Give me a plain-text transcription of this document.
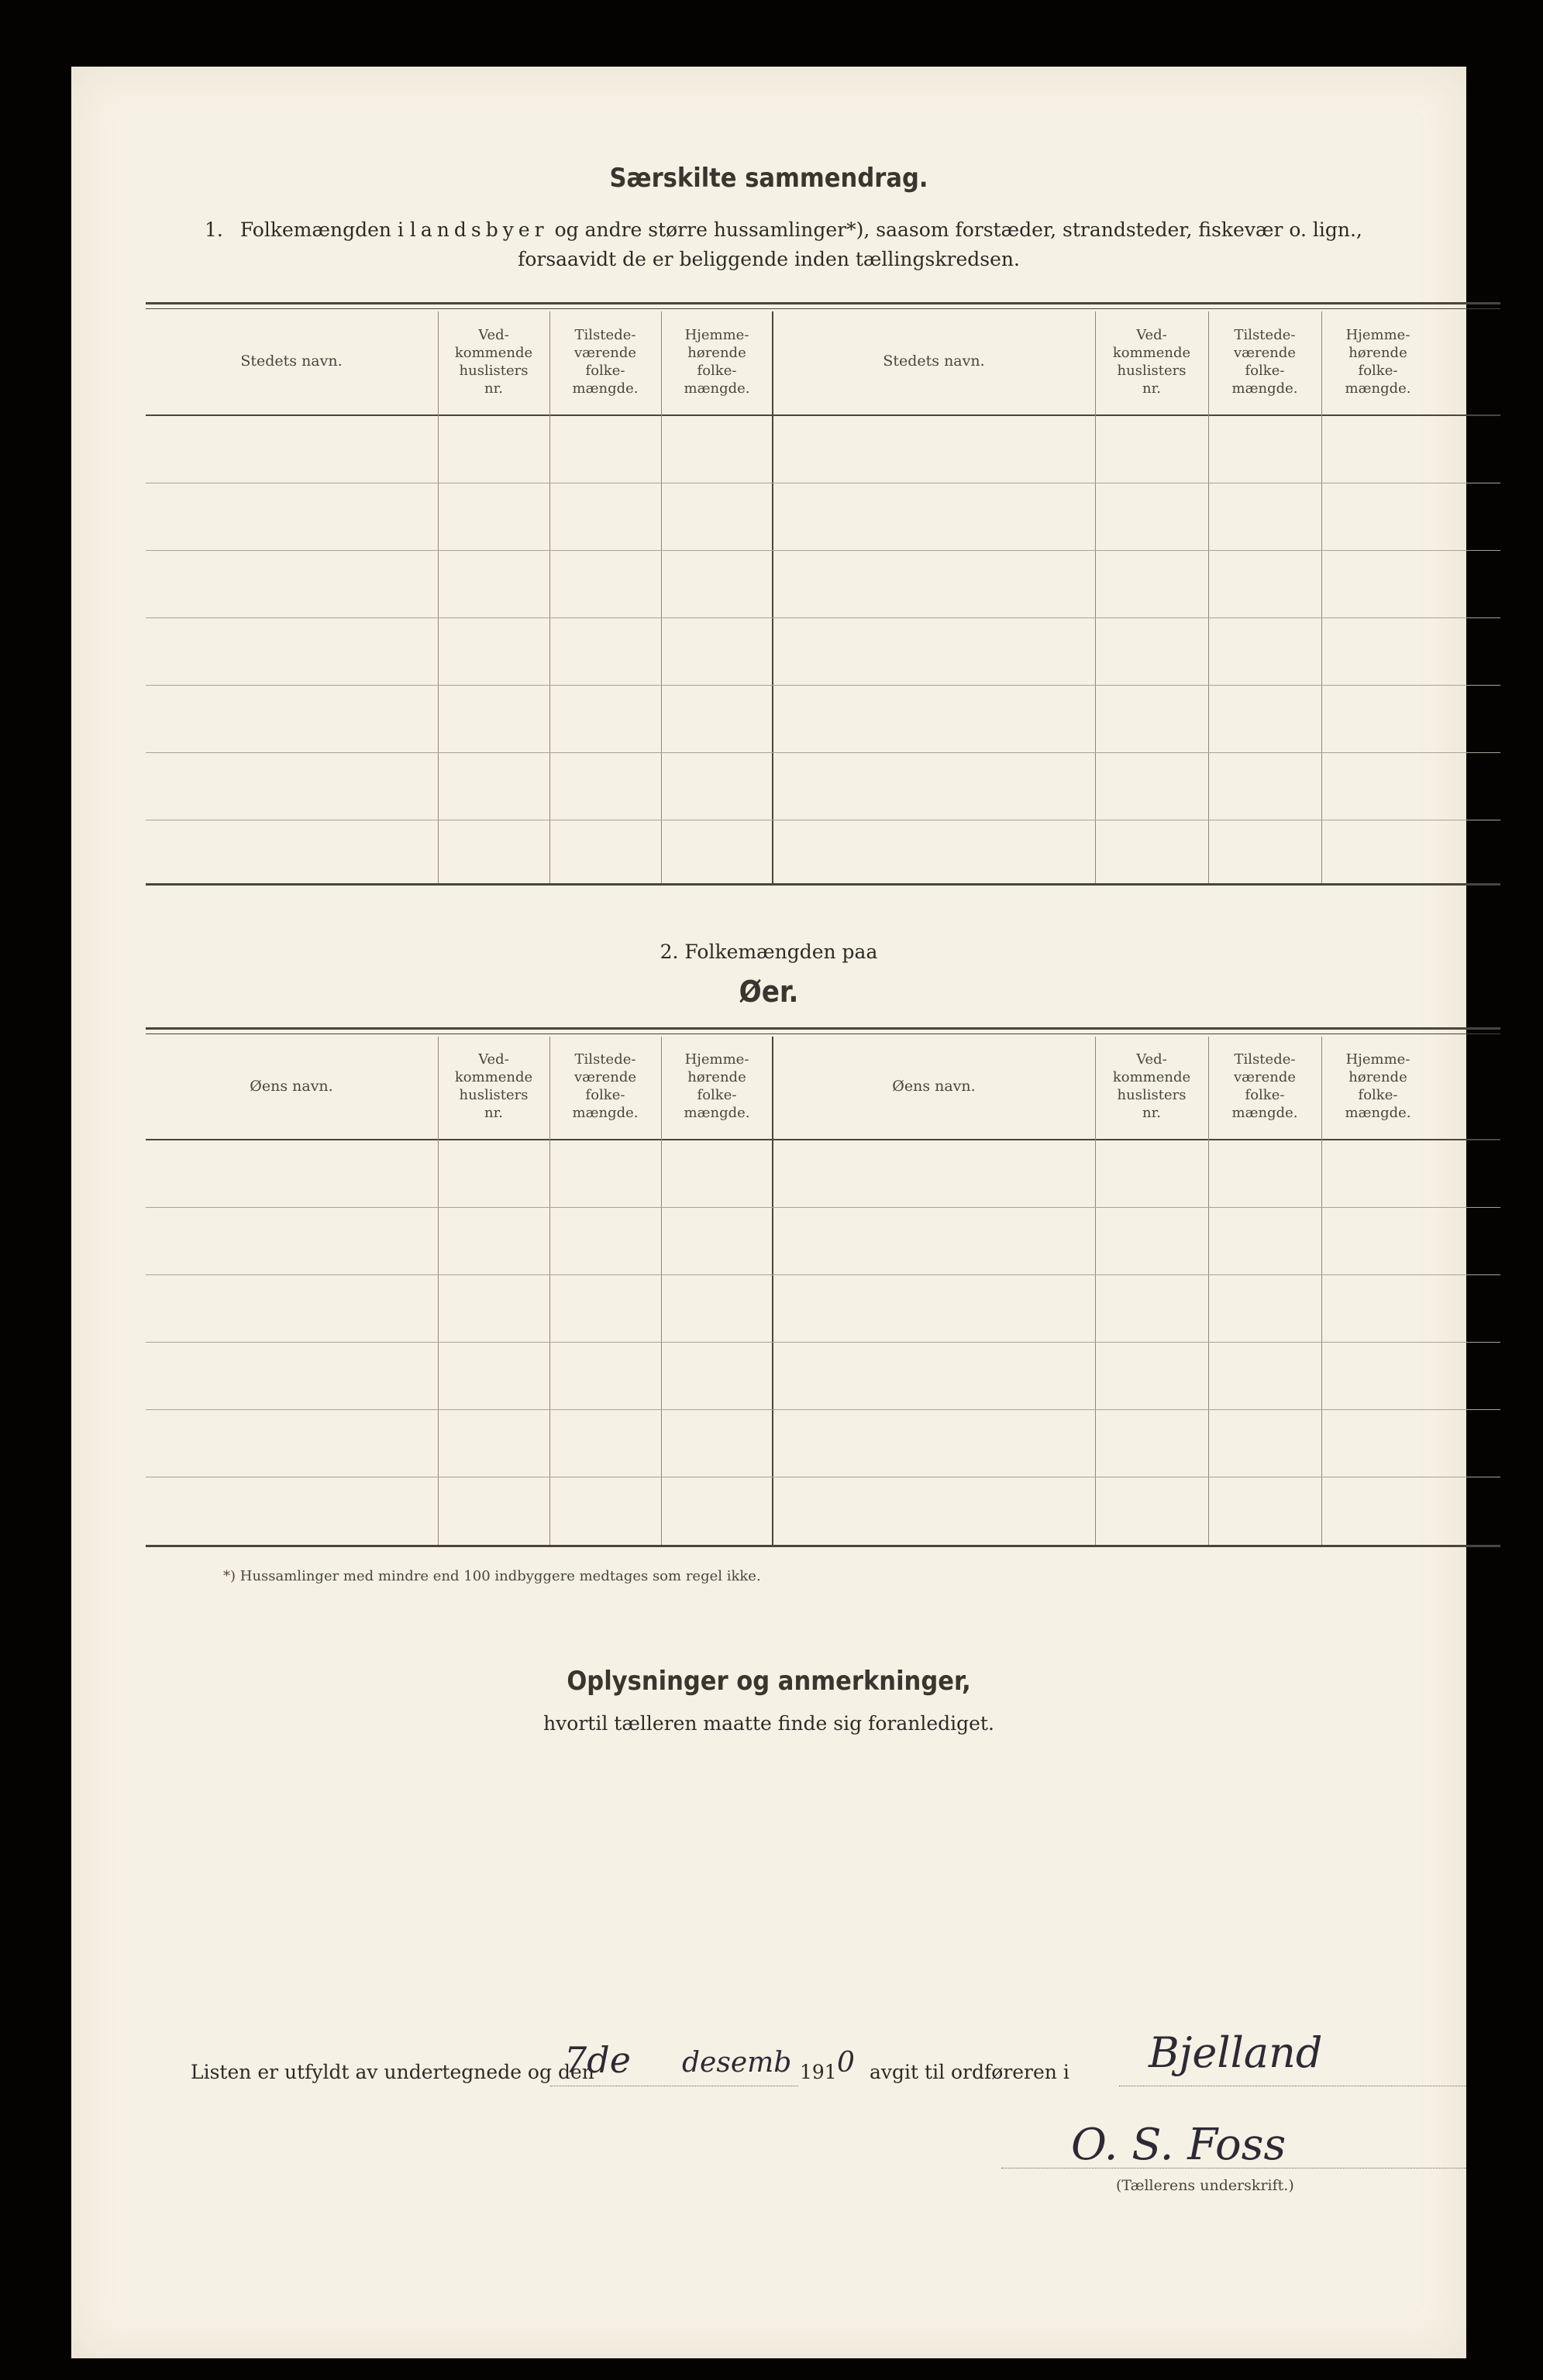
Særskilte sammendrag.
1. Folkemængden i landsbyer og andre større hussamlinger*), saasom forstæder, strandsteder, fiskevær o. lign.,
forsaavidt de er beliggende inden tællingskredsen.
Stedets navn.
Ved-
kommende
huslisters
nr.
Tilstede-
værende
folke-
mængde.
Hjemme-
hørende
folke-
mængde.
Stedets navn.
Ved-
kommende
huslisters
nr.
Tilstede-
værende
folke-
mængde.
Hjemme-
hørende
folke-
mængde.
2. Folkemængden paa
Øer.
Øens navn.
Ved-
kommende
huslisters
nr.
Tilstede-
værende
folke-
mængde.
Hjemme-
hørende
folke-
mængde.
Øens navn.
Ved-
kommende
huslisters
nr.
Tilstede-
værende
folke-
mængde.
Hjemme-
hørende
folke-
mængde.
*) Hussamlinger med mindre end 100 indbyggere medtages som regel ikke.
Oplysninger og anmerkninger,
hvortil tælleren maatte finde sig foranlediget.
Listen er utfyldt av undertegnede og den
7de desemb 191 0 avgit til ordføreren i Bjelland
O. S. Foss
(Tællerens underskrift.)
